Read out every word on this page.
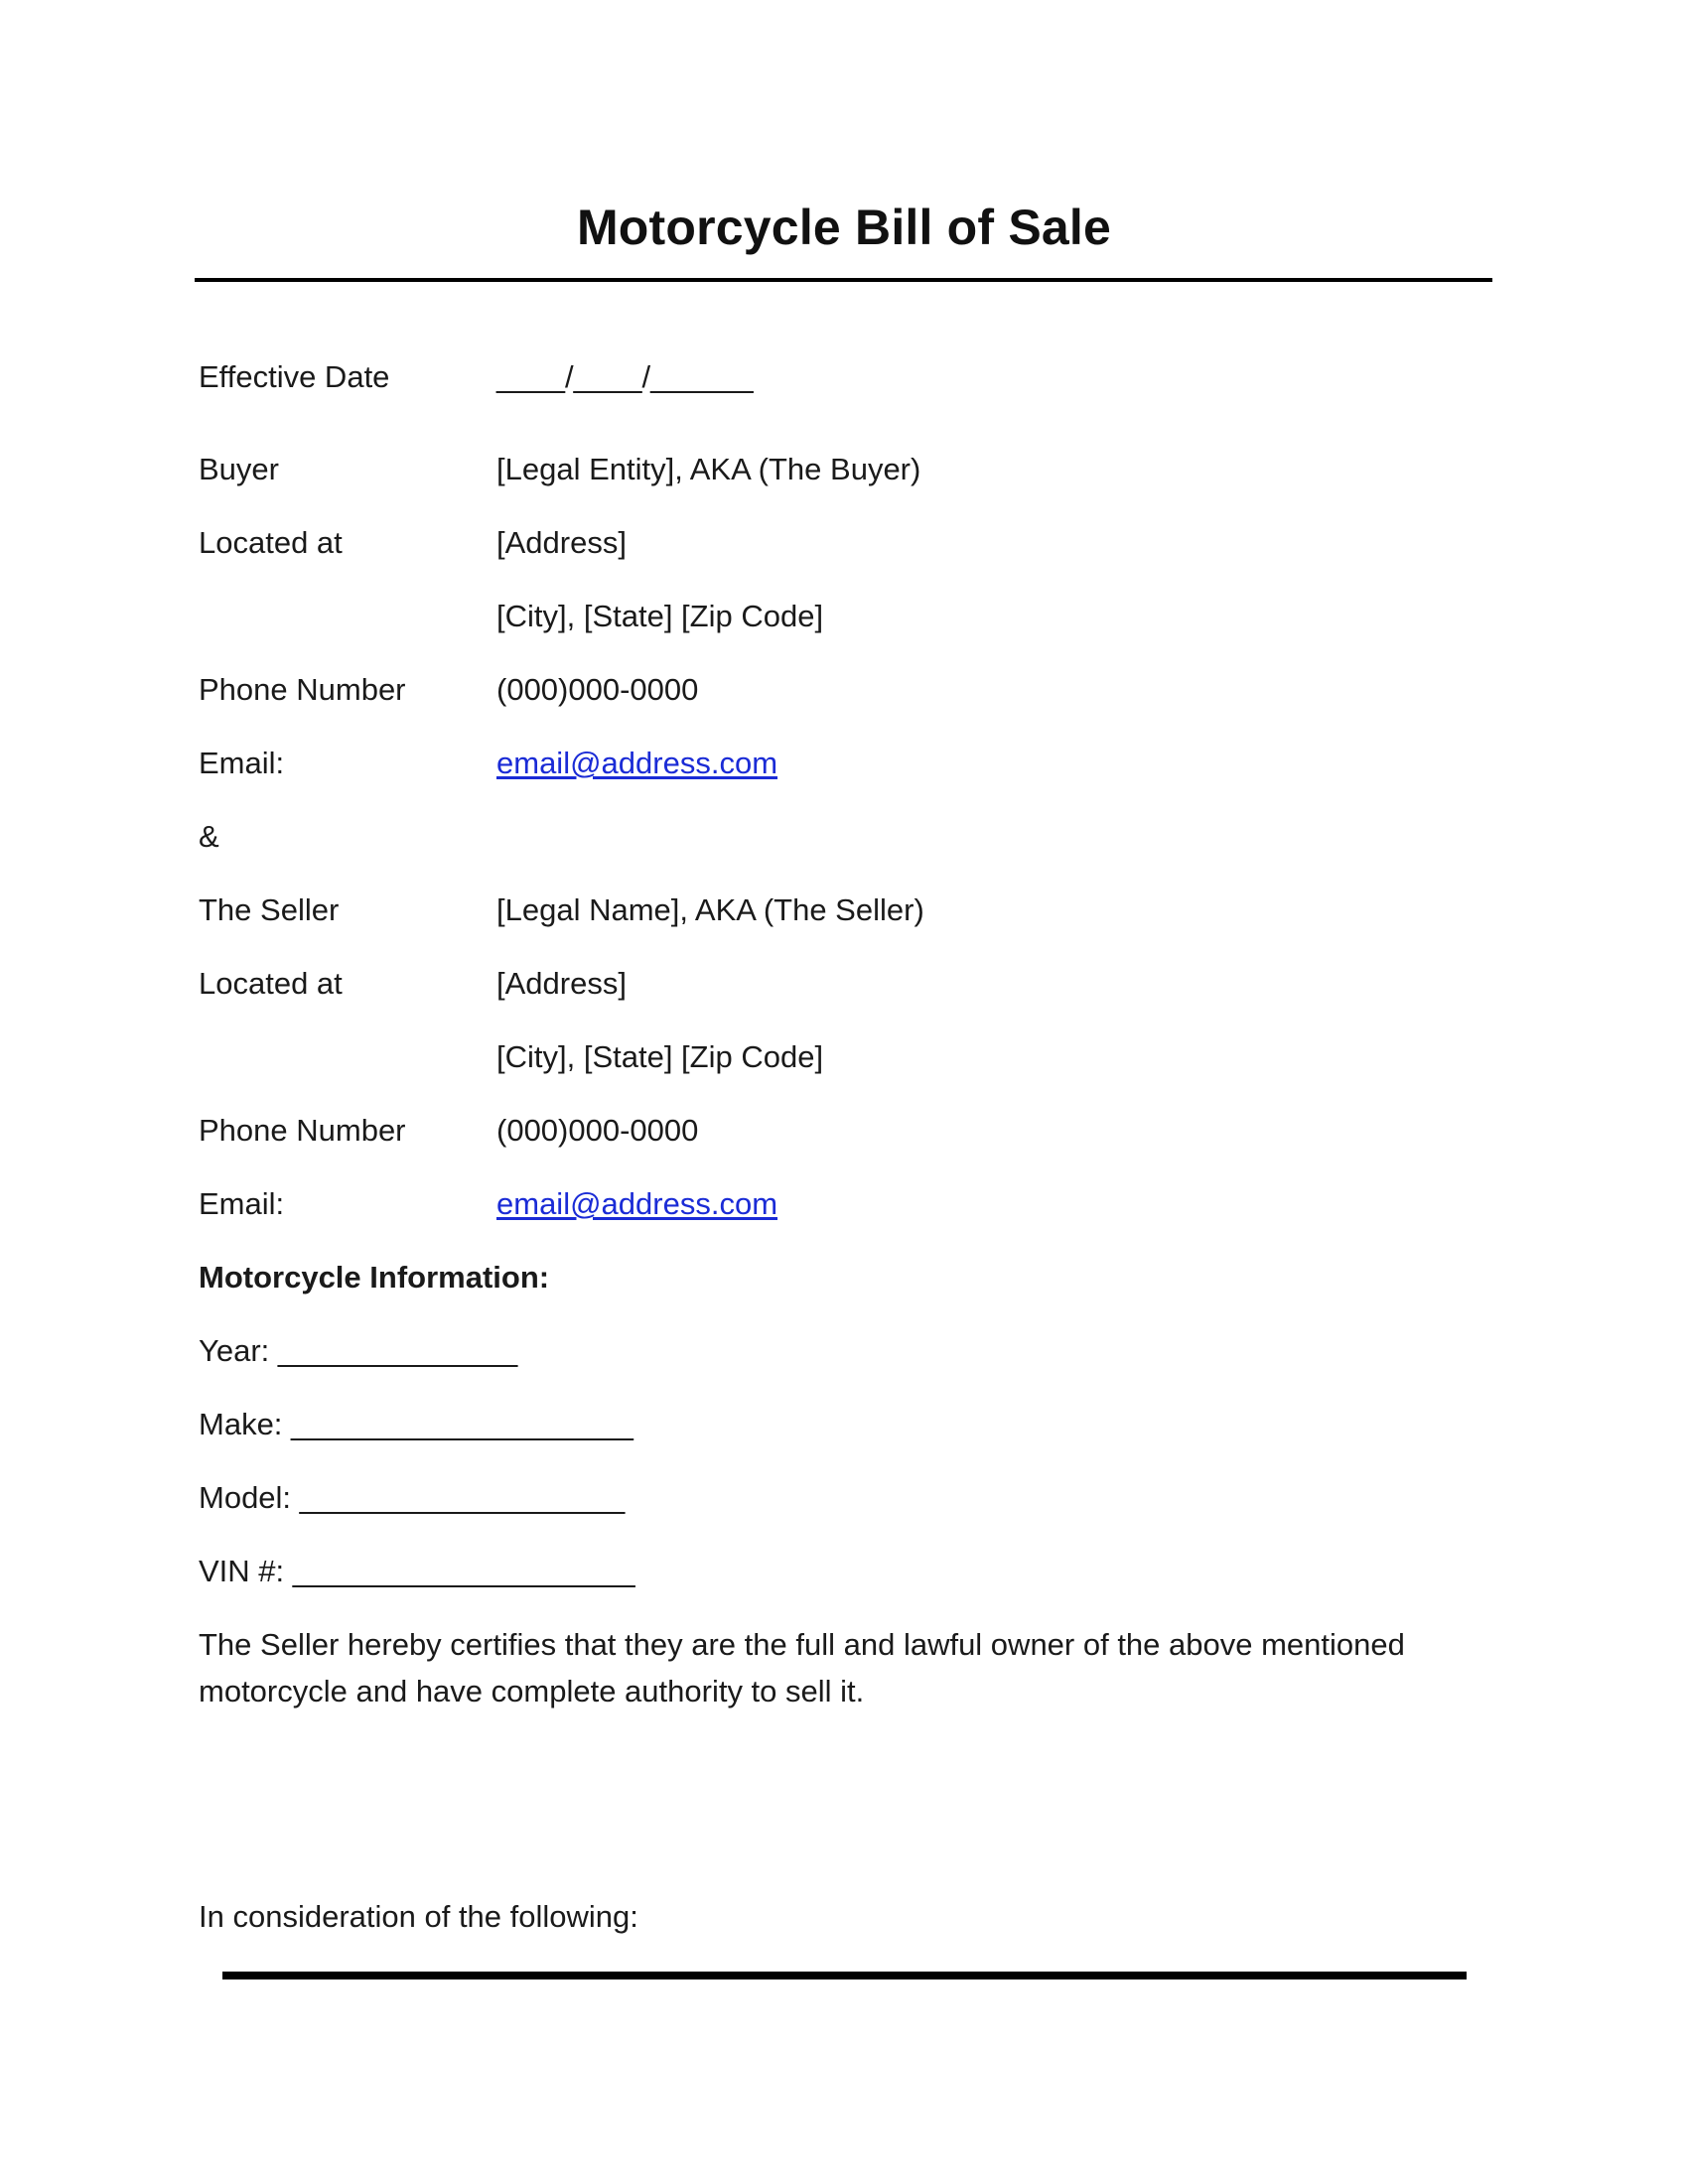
Motorcycle Bill of Sale
Effective Date	____/____/______
Buyer	[Legal Entity], AKA (The Buyer)
Located at	[Address]
[City], [State] [Zip Code]
Phone Number	(000)000-0000
Email:	email@address.com
&
The Seller	[Legal Name], AKA (The Seller)
Located at	[Address]
[City], [State] [Zip Code]
Phone Number	(000)000-0000
Email:	email@address.com
Motorcycle Information:
Year: ______________
Make: ____________________
Model: ___________________
VIN #: ____________________
The Seller hereby certifies that they are the full and lawful owner of the above mentioned motorcycle and have complete authority to sell it.
In consideration of the following:
